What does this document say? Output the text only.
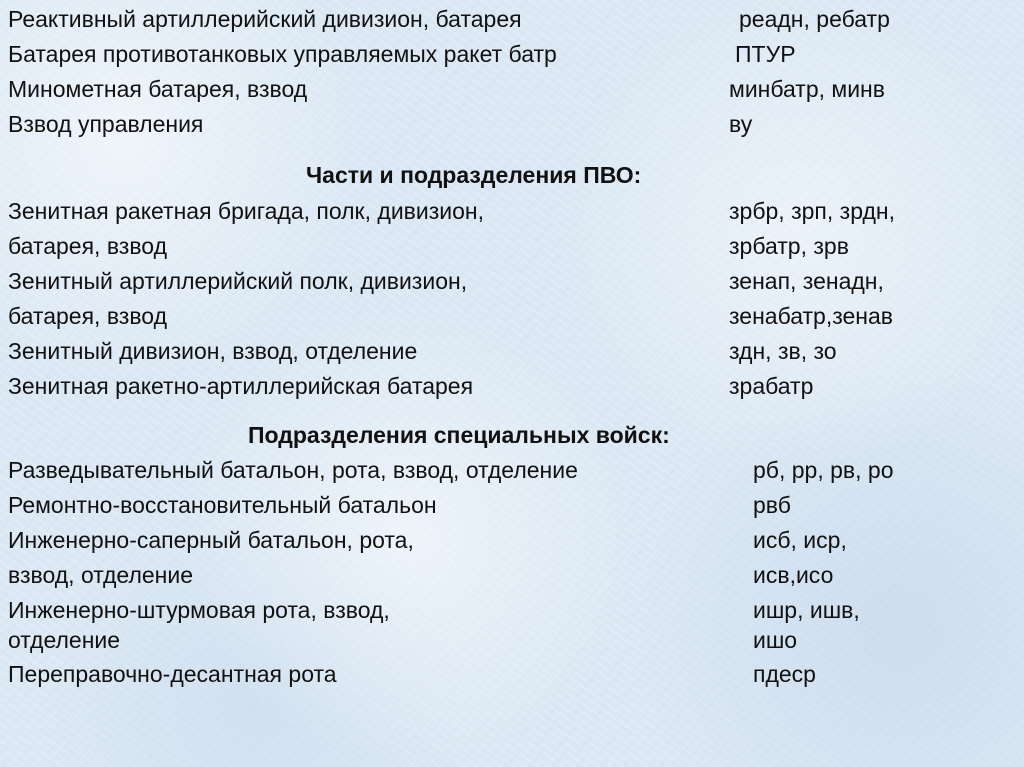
Реактивный артиллерийский дивизион, батарея	реадн, ребатр
Батарея противотанковых управляемых ракет батр	ПТУР
Минометная батарея, взвод	минбатр, минв
Взвод управления	ву
Части и подразделения ПВО:
Зенитная ракетная бригада, полк, дивизион,	зрбр, зрп, зрдн,
батарея, взвод	зрбатр, зрв
Зенитный артиллерийский полк, дивизион,	зенап, зенадн,
батарея, взвод	зенабатр,зенав
Зенитный дивизион, взвод, отделение	здн, зв, зо
Зенитная ракетно-артиллерийская батарея	зрабатр
Подразделения специальных войск:
Разведывательный батальон, рота, взвод, отделение	рб, рр, рв, ро
Ремонтно-восстановительный батальон	рвб
Инженерно-саперный батальон, рота,	исб, иср,
взвод, отделение	исв,исо
Инженерно-штурмовая рота, взвод,	ишр, ишв,
отделение	ишо
Переправочно-десантная рота	пдеср
